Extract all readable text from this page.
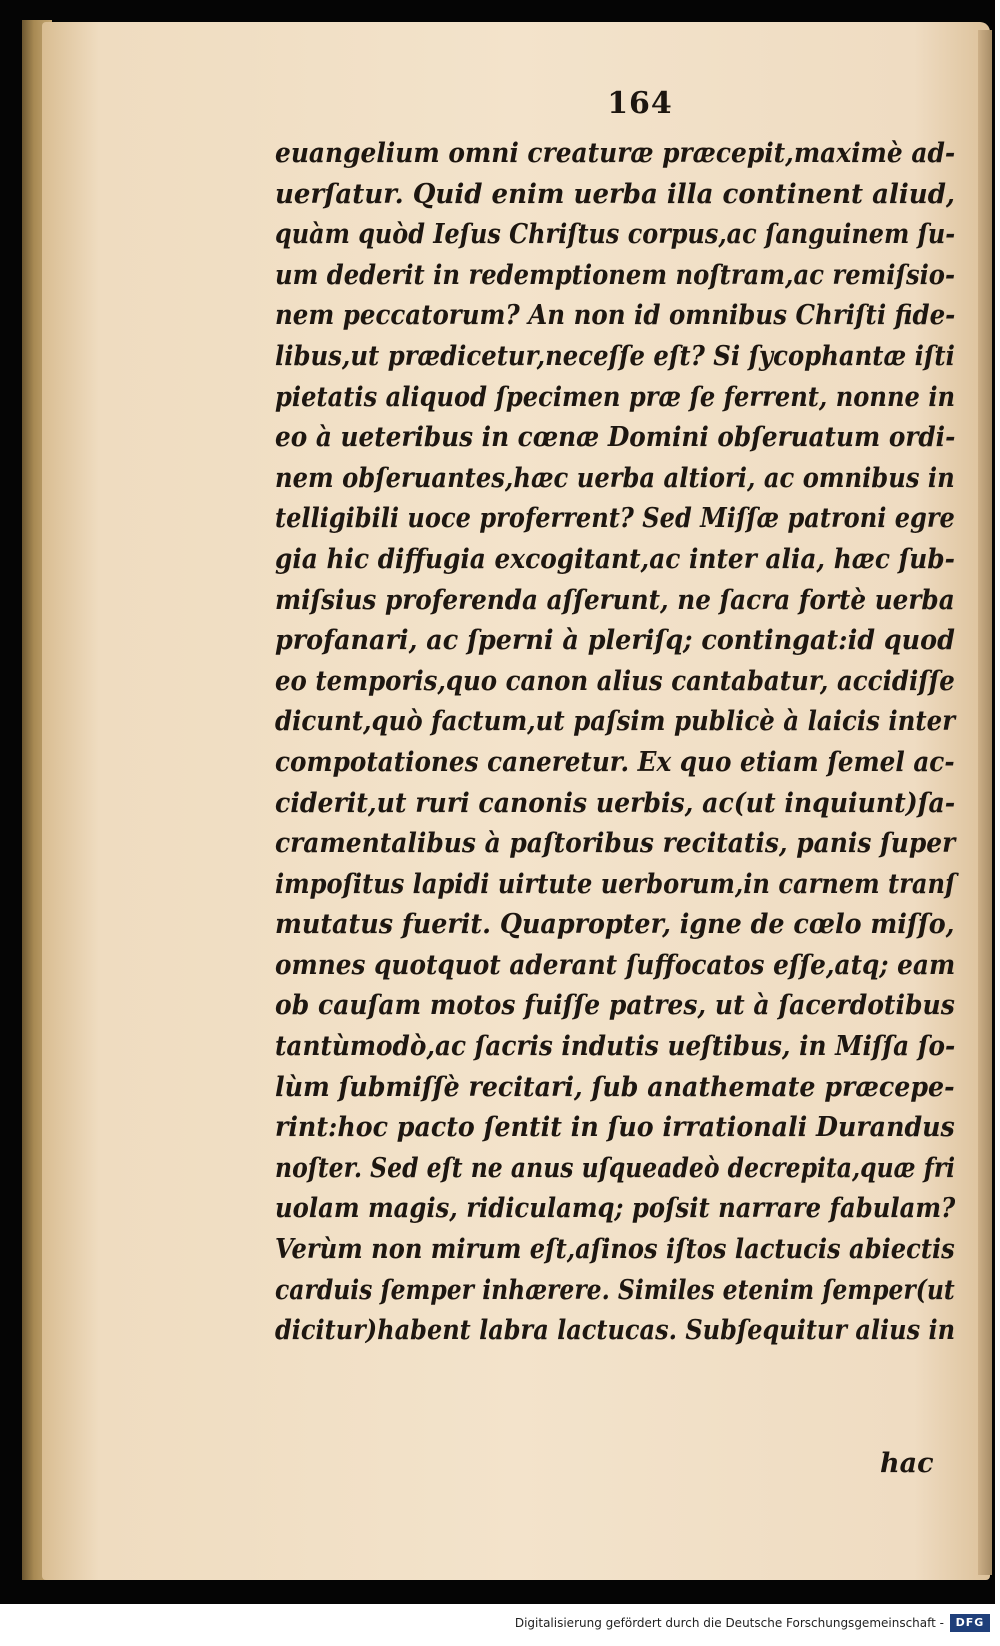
164
euangelium omni creaturæ præcepit,maximè ad-
uerſatur. Quid enim uerba illa continent aliud,
quàm quòd Ieſus Chriſtus corpus,ac ſanguinem ſu-
um dederit in redemptionem noſtram,ac remiſsio-
nem peccatorum? An non id omnibus Chriſti fide-
libus,ut prædicetur,neceſſe eſt? Si ſycophantæ iſti
pietatis aliquod ſpecimen præ ſe ferrent, nonne in
eo à ueteribus in cœnæ Domini obſeruatum ordi-
nem obſeruantes,hæc uerba altiori, ac omnibus in
telligibili uoce proferrent? Sed Miſſæ patroni egre
gia hic diffugia excogitant,ac inter alia, hæc ſub-
miſsius proferenda aſſerunt, ne ſacra fortè uerba
profanari, ac ſperni à pleriſq; contingat:id quod
eo temporis,quo canon alius cantabatur, accidiſſe
dicunt,quò factum,ut paſsim publicè à laicis inter
compotationes caneretur. Ex quo etiam ſemel ac-
ciderit,ut ruri canonis uerbis, ac(ut inquiunt)ſa-
cramentalibus à paſtoribus recitatis, panis ſuper
impoſitus lapidi uirtute uerborum,in carnem tranſ
mutatus fuerit. Quapropter, igne de cœlo miſſo,
omnes quotquot aderant ſuffocatos eſſe,atq; eam
ob cauſam motos fuiſſe patres, ut à ſacerdotibus
tantùmodò,ac ſacris indutis ueſtibus, in Miſſa ſo-
lùm ſubmiſſè recitari, ſub anathemate præcepe-
rint:hoc pacto ſentit in ſuo irrationali Durandus
noſter. Sed eſt ne anus uſqueadeò decrepita,quæ fri
uolam magis, ridiculamq; poſsit narrare fabulam?
Verùm non mirum eſt,aſinos iſtos lactucis abiectis
carduis ſemper inhærere. Similes etenim ſemper(ut
dicitur)habent labra lactucas. Subſequitur alius in
hac
Digitalisierung gefördert durch die Deutsche Forschungsgemeinschaft -	DFG
